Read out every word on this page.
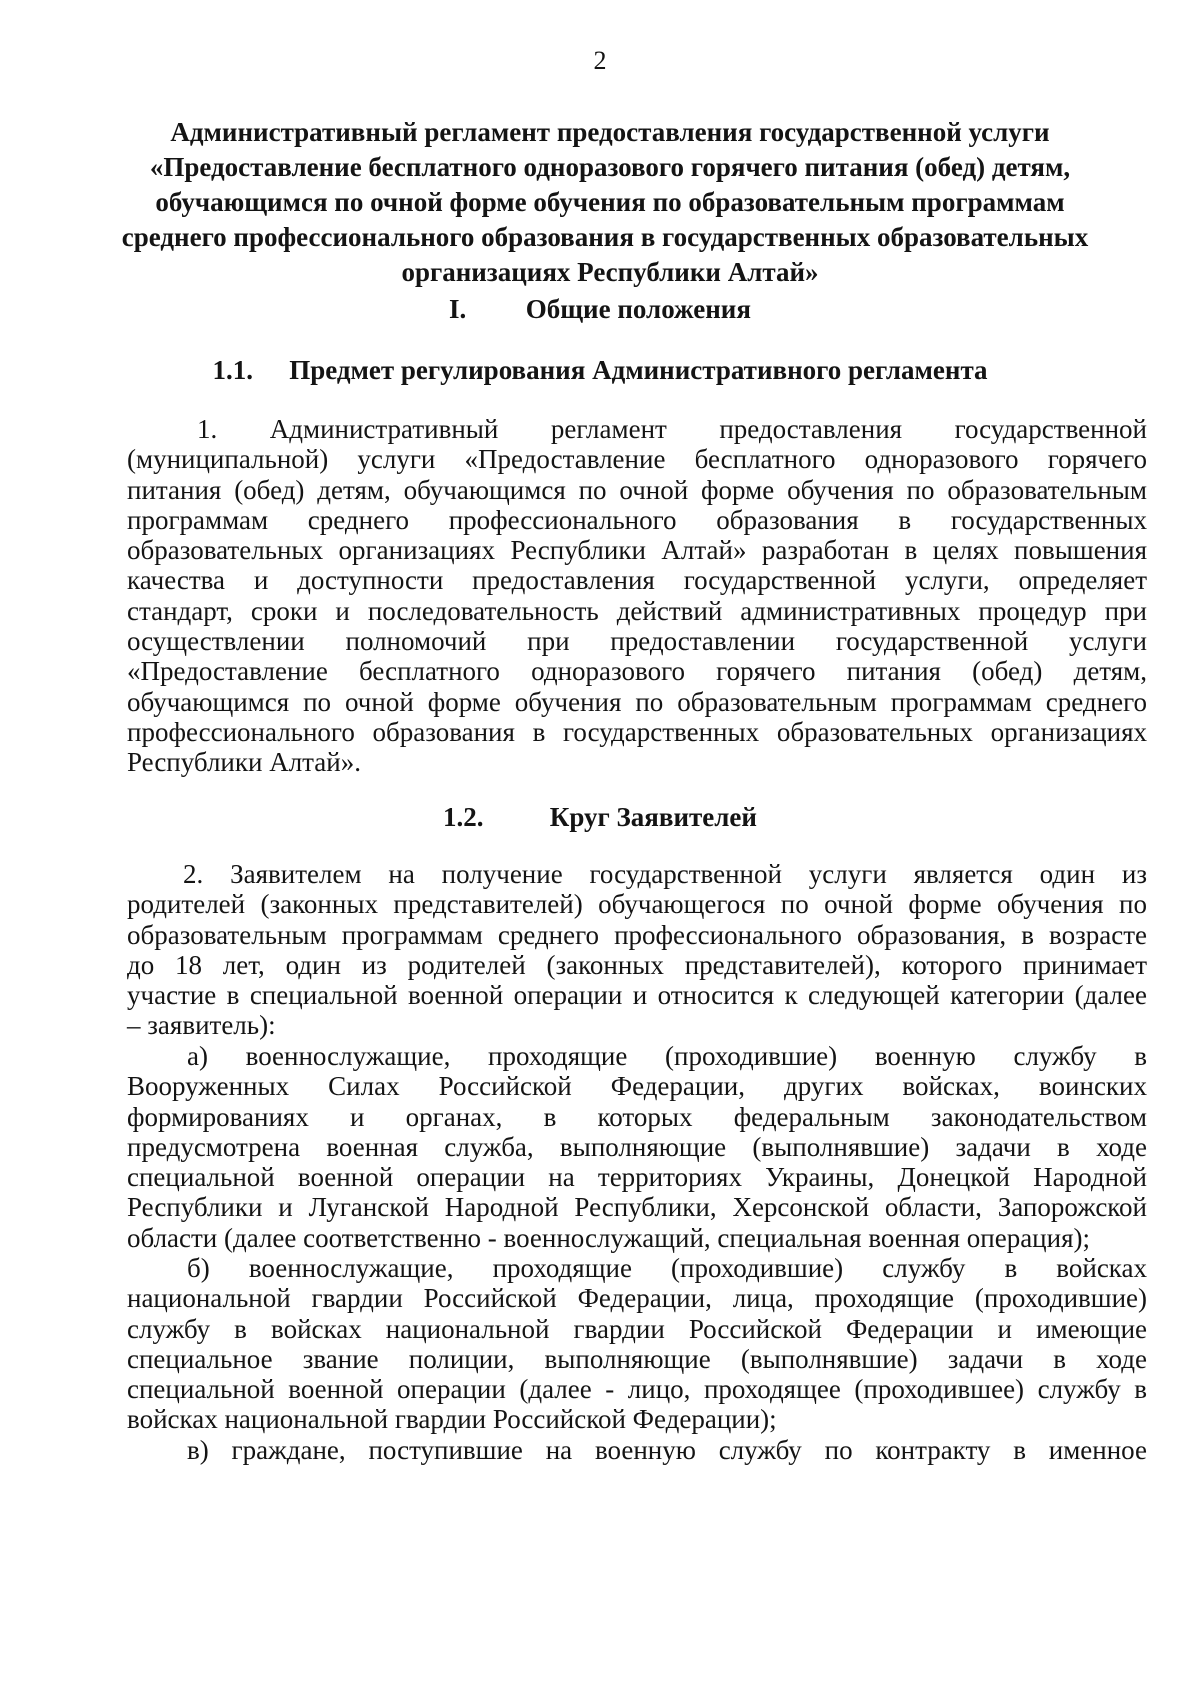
2
Административный регламент предоставления государственной услуги
«Предоставление бесплатного одноразового горячего питания (обед) детям,
обучающимся по очной форме обучения по образовательным программам
среднего профессионального образования в государственных образовательных
организациях Республики Алтай»
I. Общие положения
1.1. Предмет регулирования Административного регламента
1. Административный регламент предоставления государственной
(муниципальной) услуги «Предоставление бесплатного одноразового горячего
питания (обед) детям, обучающимся по очной форме обучения по образовательным
программам среднего профессионального образования в государственных
образовательных организациях Республики Алтай» разработан в целях повышения
качества и доступности предоставления государственной услуги, определяет
стандарт, сроки и последовательность действий административных процедур при
осуществлении полномочий при предоставлении государственной услуги
«Предоставление бесплатного одноразового горячего питания (обед) детям,
обучающимся по очной форме обучения по образовательным программам среднего
профессионального образования в государственных образовательных организациях
Республики Алтай».
1.2. Круг Заявителей
2. Заявителем на получение государственной услуги является один из
родителей (законных представителей) обучающегося по очной форме обучения по
образовательным программам среднего профессионального образования, в возрасте
до 18 лет, один из родителей (законных представителей), которого принимает
участие в специальной военной операции и относится к следующей категории (далее
– заявитель):
а) военнослужащие, проходящие (проходившие) военную службу в
Вооруженных Силах Российской Федерации, других войсках, воинских
формированиях и органах, в которых федеральным законодательством
предусмотрена военная служба, выполняющие (выполнявшие) задачи в ходе
специальной военной операции на территориях Украины, Донецкой Народной
Республики и Луганской Народной Республики, Херсонской области, Запорожской
области (далее соответственно - военнослужащий, специальная военная операция);
б) военнослужащие, проходящие (проходившие) службу в войсках
национальной гвардии Российской Федерации, лица, проходящие (проходившие)
службу в войсках национальной гвардии Российской Федерации и имеющие
специальное звание полиции, выполняющие (выполнявшие) задачи в ходе
специальной военной операции (далее - лицо, проходящее (проходившее) службу в
войсках национальной гвардии Российской Федерации);
в) граждане, поступившие на военную службу по контракту в именное
